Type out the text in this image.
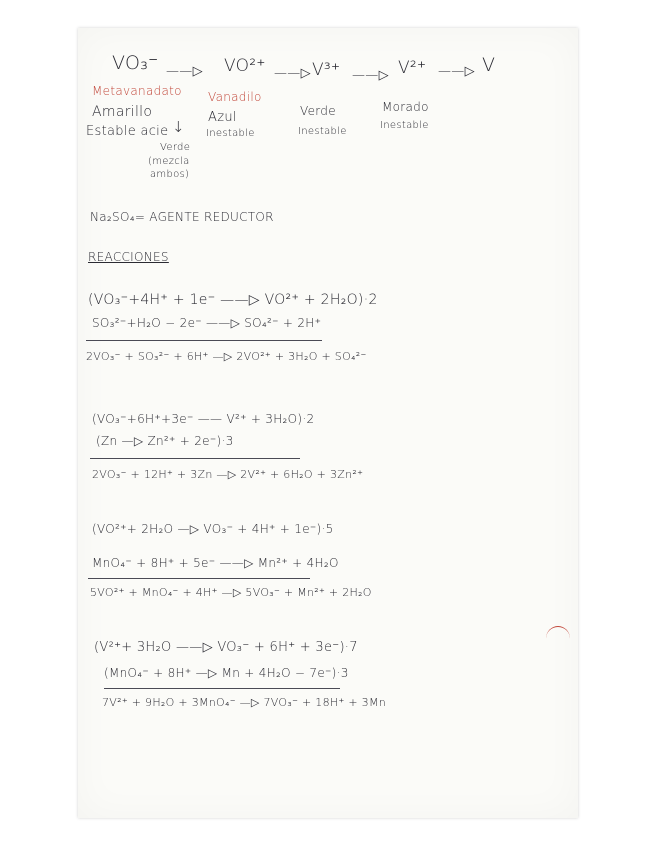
VO₃⁻ ——▷ VO²⁺ ——▷ V³⁺ ——▷ V²⁺ ——▷ V
Metavanadato Vanadilo
Amarillo	Azul	Verde	Morado
Estable acie ↓ Inestable	Inestable
Inestable
Verde
(mezcla
ambos)
Na₂SO₄= AGENTE REDUCTOR
REACCIONES
(VO₃⁻+4H⁺ + 1e⁻ ——▷ VO²⁺ + 2H₂O)·2
SO₃²⁻+H₂O − 2e⁻ ——▷ SO₄²⁻ + 2H⁺
2VO₃⁻ + SO₃²⁻ + 6H⁺ —▷ 2VO²⁺ + 3H₂O + SO₄²⁻
(VO₃⁻+6H⁺+3e⁻ —— V²⁺ + 3H₂O)·2
(Zn —▷ Zn²⁺ + 2e⁻)·3
2VO₃⁻ + 12H⁺ + 3Zn —▷ 2V²⁺ + 6H₂O + 3Zn²⁺
(VO²⁺+ 2H₂O —▷ VO₃⁻ + 4H⁺ + 1e⁻)·5
MnO₄⁻ + 8H⁺ + 5e⁻ ——▷ Mn²⁺ + 4H₂O
5VO²⁺ + MnO₄⁻ + 4H⁺ —▷ 5VO₃⁻ + Mn²⁺ + 2H₂O
(V²⁺+ 3H₂O ——▷ VO₃⁻ + 6H⁺ + 3e⁻)·7
(MnO₄⁻ + 8H⁺ —▷ Mn + 4H₂O − 7e⁻)·3
7V²⁺ + 9H₂O + 3MnO₄⁻ —▷ 7VO₃⁻ + 18H⁺ + 3Mn
